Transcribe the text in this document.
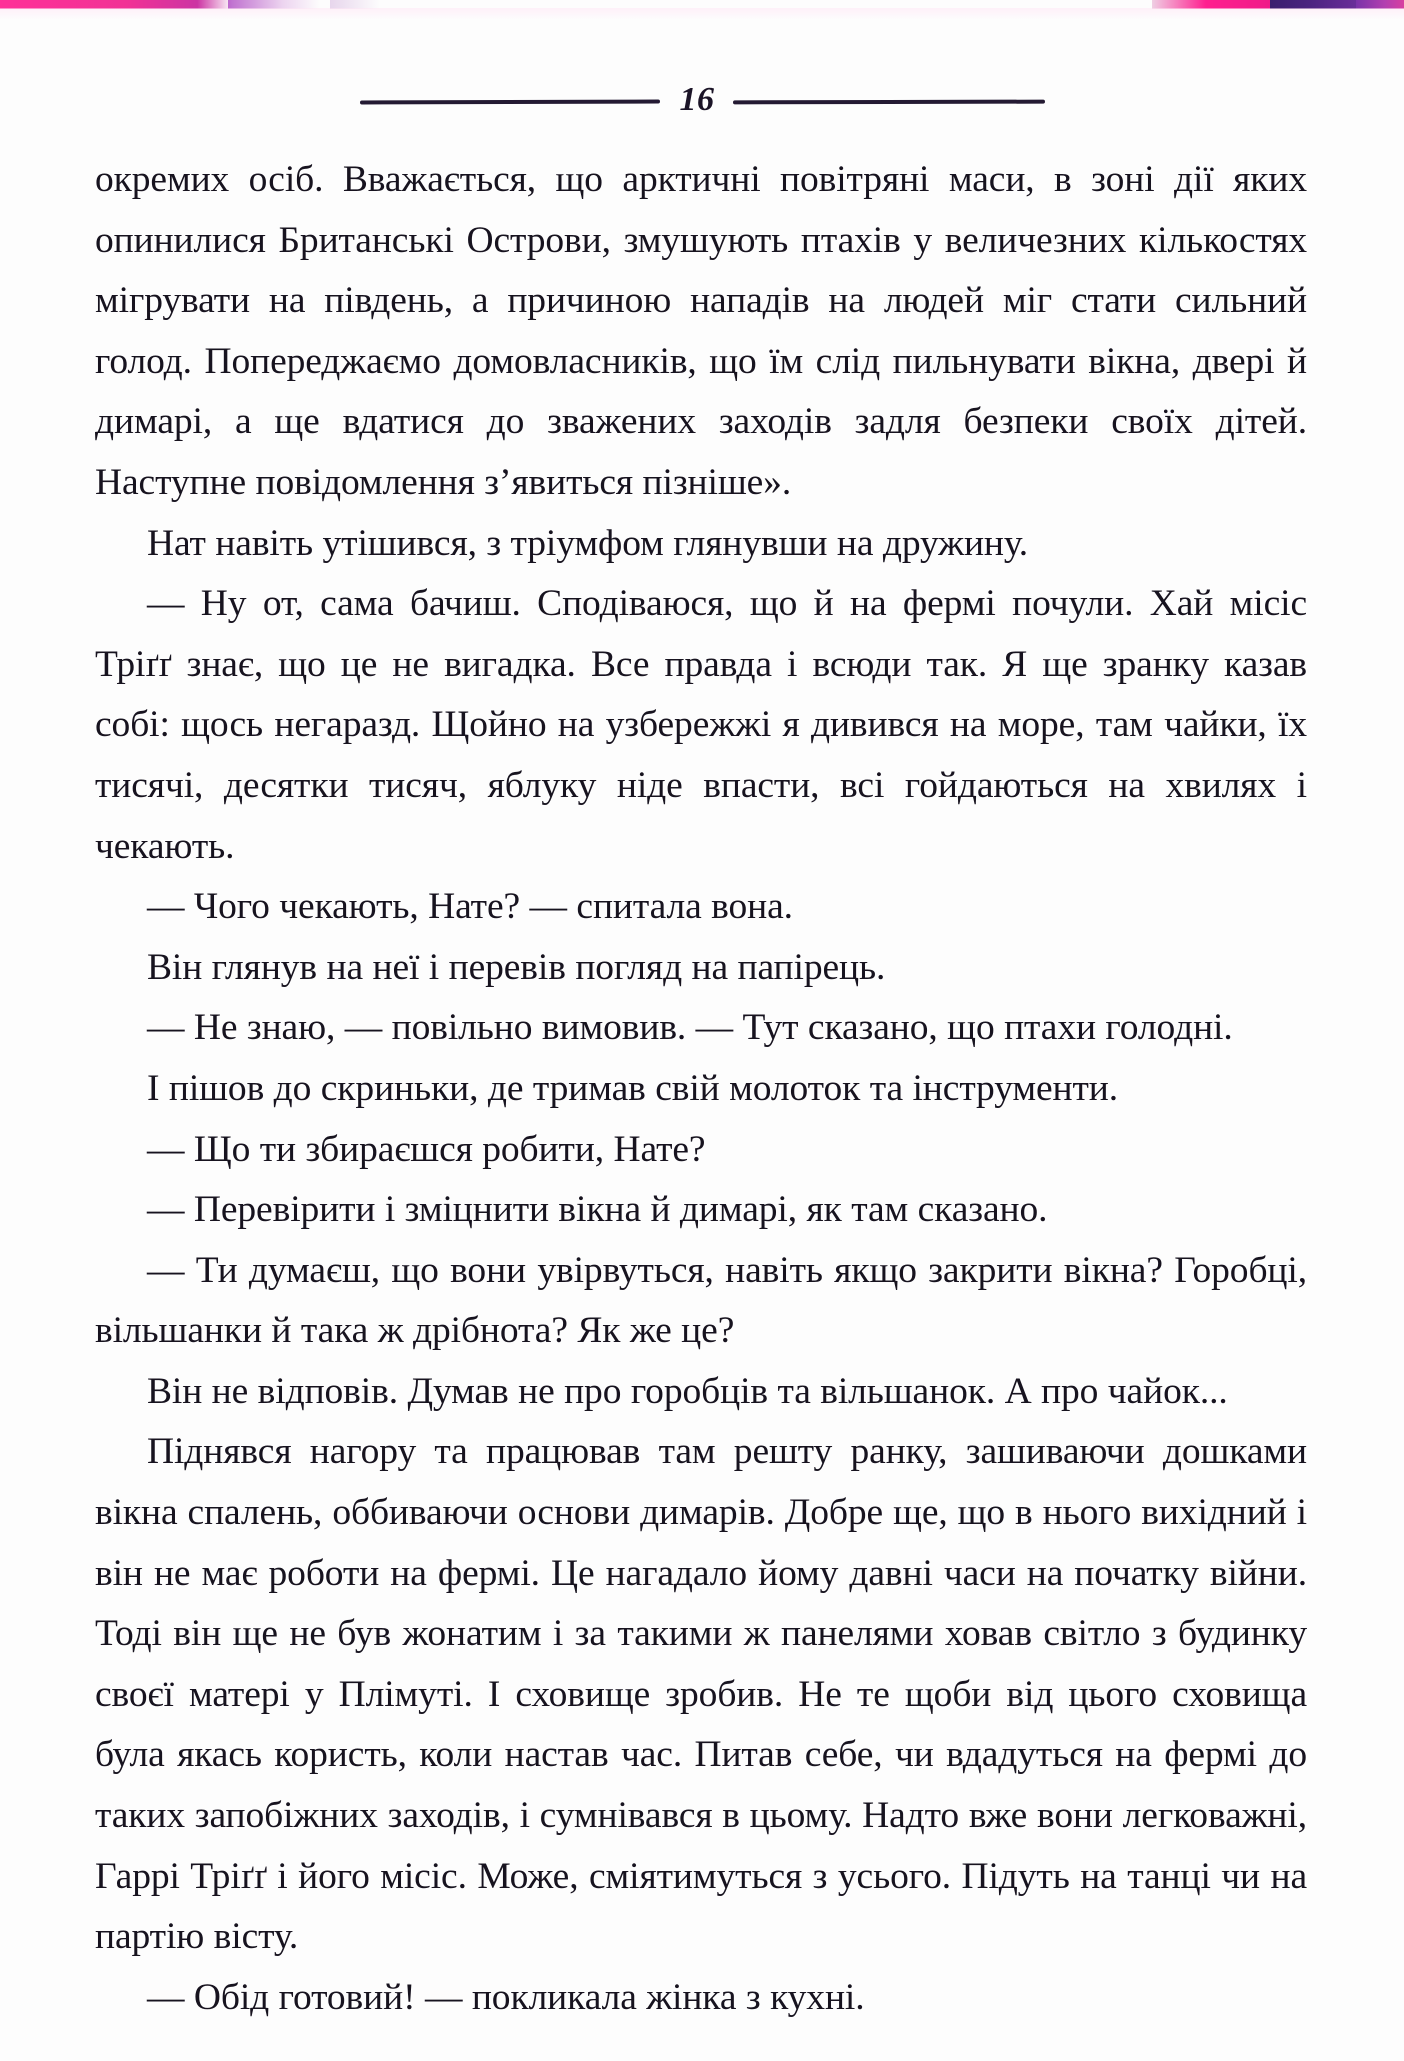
16

окремих осіб. Вважається, що арктичні повітряні маси, в зоні дії яких опинилися Британські Острови, змушують птахів у величезних кількостях мігрувати на південь, а причиною нападів на людей міг стати сильний голод. Попереджаємо домовласників, що їм слід пильнувати вікна, двері й димарі, а ще вдатися до зважених заходів задля безпеки своїх дітей. Наступне повідомлення з’явиться пізніше».

Нат навіть утішився, з тріумфом глянувши на дружину.

— Ну от, сама бачиш. Сподіваюся, що й на фермі почули. Хай місіс Тріґґ знає, що це не вигадка. Все правда і всюди так. Я ще зранку казав собі: щось негаразд. Щойно на узбережжі я дивився на море, там чайки, їх тисячі, десятки тисяч, яблуку ніде впасти, всі гойдаються на хвилях і чекають.

— Чого чекають, Нате? — спитала вона.

Він глянув на неї і перевів погляд на папірець.

— Не знаю, — повільно вимовив. — Тут сказано, що птахи голодні.

І пішов до скриньки, де тримав свій молоток та інструменти.

— Що ти збираєшся робити, Нате?

— Перевірити і зміцнити вікна й димарі, як там сказано.

— Ти думаєш, що вони увірвуться, навіть якщо закрити вікна? Горобці, вільшанки й така ж дрібнота? Як же це?

Він не відповів. Думав не про горобців та вільшанок. А про чайок...

Піднявся нагору та працював там решту ранку, зашиваючи дошками вікна спалень, оббиваючи основи димарів. Добре ще, що в нього вихідний і він не має роботи на фермі. Це нагадало йому давні часи на початку війни. Тоді він ще не був жонатим і за такими ж панелями ховав світло з будинку своєї матері у Плімуті. І сховище зробив. Не те щоби від цього сховища була якась користь, коли настав час. Питав себе, чи вдадуться на фермі до таких запобіжних заходів, і сумнівався в цьому. Надто вже вони легковажні, Гаррі Тріґґ і його місіс. Може, сміятимуться з усього. Підуть на танці чи на партію вісту.

— Обід готовий! — покликала жінка з кухні.
